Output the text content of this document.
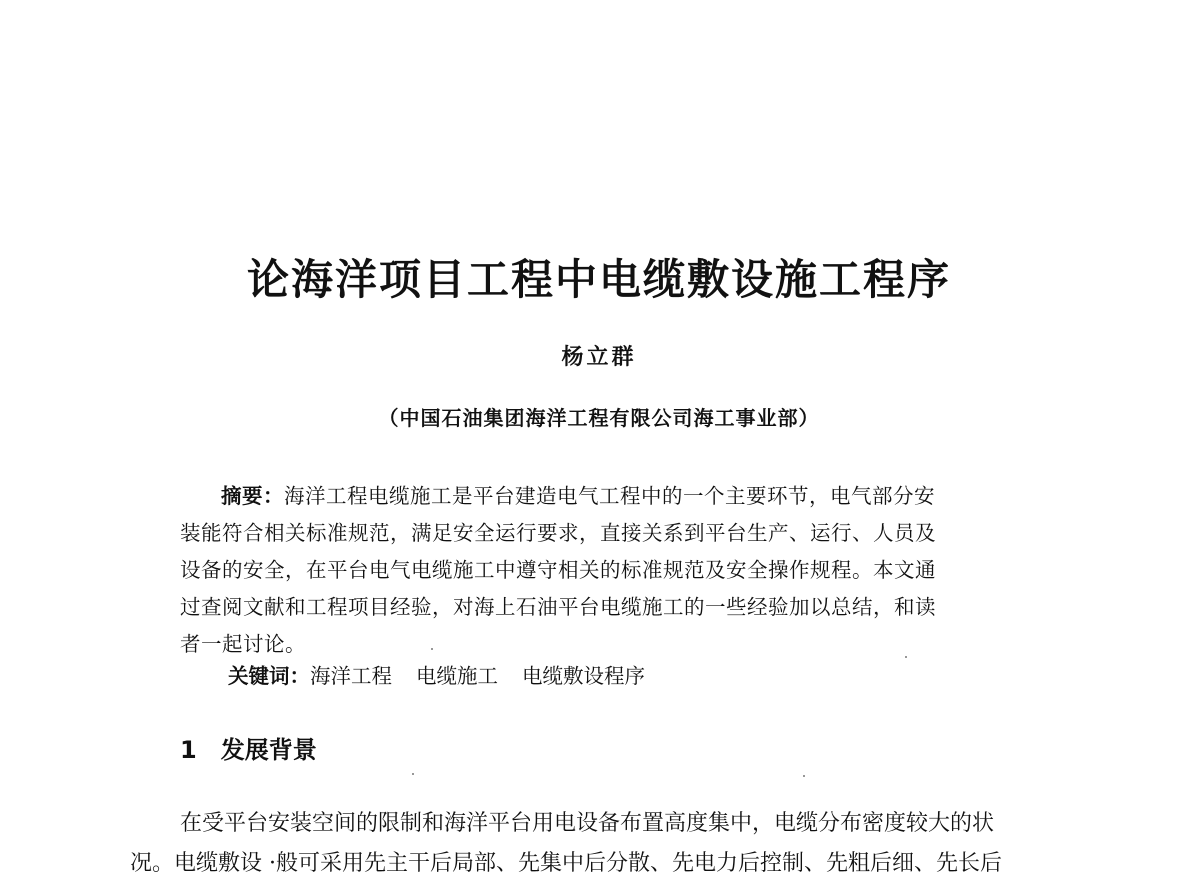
论海洋项目工程中电缆敷设施工程序
杨立群
（中国石油集团海洋工程有限公司海工事业部）
摘要：海洋工程电缆施工是平台建造电气工程中的一个主要环节，电气部分安
装能符合相关标准规范，满足安全运行要求，直接关系到平台生产、运行、人员及
设备的安全，在平台电气电缆施工中遵守相关的标准规范及安全操作规程。本文通
过查阅文献和工程项目经验，对海上石油平台电缆施工的一些经验加以总结，和读
者一起讨论。
关键词：海洋工程 电缆施工 电缆敷设程序
1 发展背景
在受平台安装空间的限制和海洋平台用电设备布置高度集中，电缆分布密度较大的状
况。电缆敷设 ·般可采用先主干后局部、先集中后分散、先电力后控制、先粗后细、先长后
